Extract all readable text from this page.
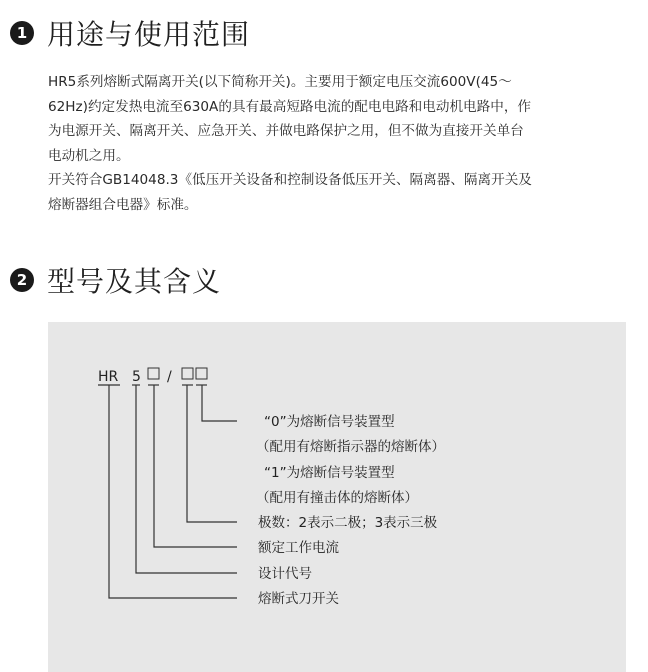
1 用途与使用范围

HR5系列熔断式隔离开关(以下简称开关)。主要用于额定电压交流600V(45～

62Hz)约定发热电流至630A的具有最高短路电流的配电电路和电动机电路中，作

为电源开关、隔离开关、应急开关、并做电路保护之用，但不做为直接开关单台

电动机之用。

开关符合GB14048.3《低压开关设备和控制设备低压开关、隔离器、隔离开关及

熔断器组合电器》标准。

2 型号及其含义
HR 5 /
“0”为熔断信号装置型
（配用有熔断指示器的熔断体）
“1”为熔断信号装置型
（配用有撞击体的熔断体）
极数：2表示二极；3表示三极
额定工作电流
设计代号
熔断式刀开关
